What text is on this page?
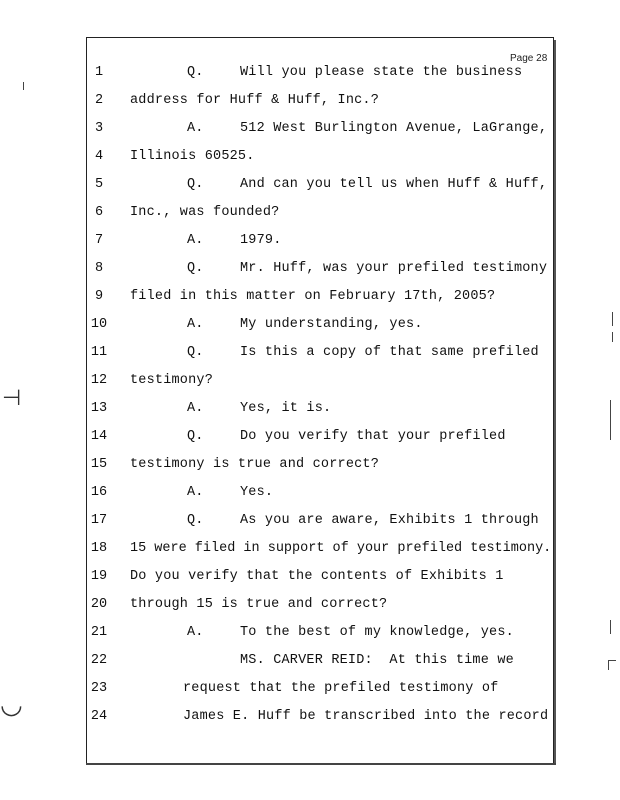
Page 28
1	Q.	Will you please state the business
2	address for Huff & Huff, Inc.?
3	A.	512 West Burlington Avenue, LaGrange,
4	Illinois 60525.
5	Q.	And can you tell us when Huff & Huff,
6	Inc., was founded?
7	A.	1979.
8	Q.	Mr. Huff, was your prefiled testimony
9	filed in this matter on February 17th, 2005?
10	A.	My understanding, yes.
11	Q.	Is this a copy of that same prefiled
12	testimony?
13	A.	Yes, it is.
14	Q.	Do you verify that your prefiled
15	testimony is true and correct?
16	A.	Yes.
17	Q.	As you are aware, Exhibits 1 through
18	15 were filed in support of your prefiled testimony.
19	Do you verify that the contents of Exhibits 1
20	through 15 is true and correct?
21	A.	To the best of my knowledge, yes.
22	MS. CARVER REID:  At this time we
23	request that the prefiled testimony of
24	James E. Huff be transcribed into the record
⊣
◡
